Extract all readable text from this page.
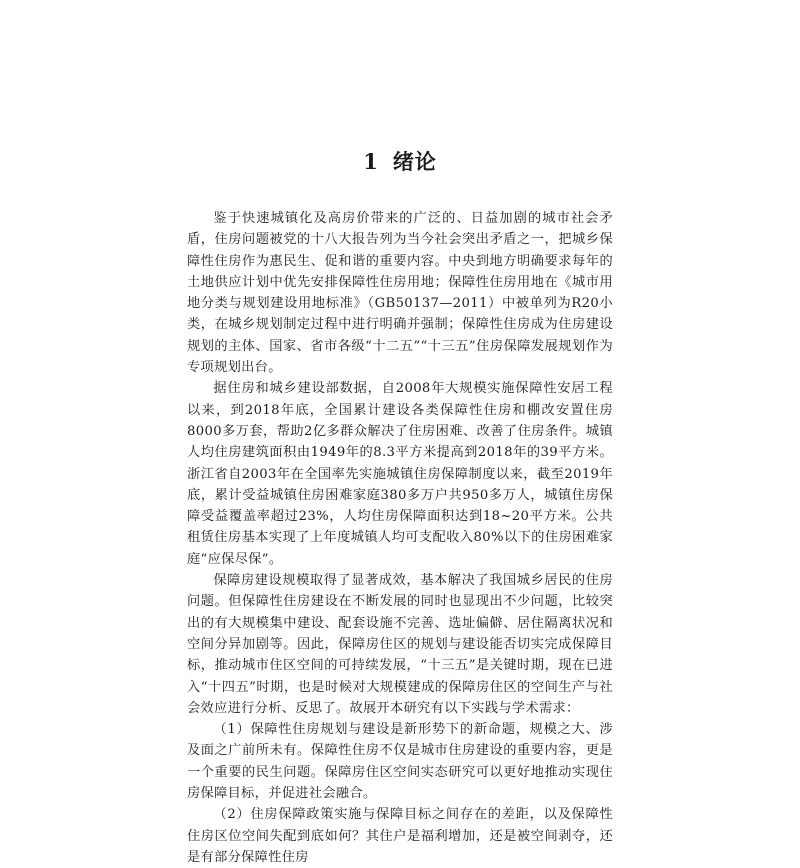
1 绪论

鉴于快速城镇化及高房价带来的广泛的、日益加剧的城市社会矛盾，住房问题被党的十八大报告列为当今社会突出矛盾之一，把城乡保障性住房作为惠民生、促和谐的重要内容。中央到地方明确要求每年的土地供应计划中优先安排保障性住房用地；保障性住房用地在《城市用地分类与规划建设用地标准》（GB50137—2011）中被单列为R20小类，在城乡规划制定过程中进行明确并强制；保障性住房成为住房建设规划的主体、国家、省市各级“十二五”“十三五”住房保障发展规划作为专项规划出台。

据住房和城乡建设部数据，自2008年大规模实施保障性安居工程以来，到2018年底，全国累计建设各类保障性住房和棚改安置住房8000多万套，帮助2亿多群众解决了住房困难、改善了住房条件。城镇人均住房建筑面积由1949年的8.3平方米提高到2018年的39平方米。浙江省自2003年在全国率先实施城镇住房保障制度以来，截至2019年底，累计受益城镇住房困难家庭380多万户共950多万人，城镇住房保障受益覆盖率超过23%，人均住房保障面积达到18~20平方米。公共租赁住房基本实现了上年度城镇人均可支配收入80%以下的住房困难家庭“应保尽保”。

保障房建设规模取得了显著成效，基本解决了我国城乡居民的住房问题。但保障性住房建设在不断发展的同时也显现出不少问题，比较突出的有大规模集中建设、配套设施不完善、选址偏僻、居住隔离状况和空间分异加剧等。因此，保障房住区的规划与建设能否切实完成保障目标，推动城市住区空间的可持续发展，“十三五”是关键时期，现在已进入“十四五”时期，也是时候对大规模建成的保障房住区的空间生产与社会效应进行分析、反思了。故展开本研究有以下实践与学术需求：

（1）保障性住房规划与建设是新形势下的新命题，规模之大、涉及面之广前所未有。保障性住房不仅是城市住房建设的重要内容，更是一个重要的民生问题。保障房住区空间实态研究可以更好地推动实现住房保障目标，并促进社会融合。

（2）住房保障政策实施与保障目标之间存在的差距，以及保障性住房区位空间失配到底如何？其住户是福利增加，还是被空间剥夺，还是有部分保障性住房
